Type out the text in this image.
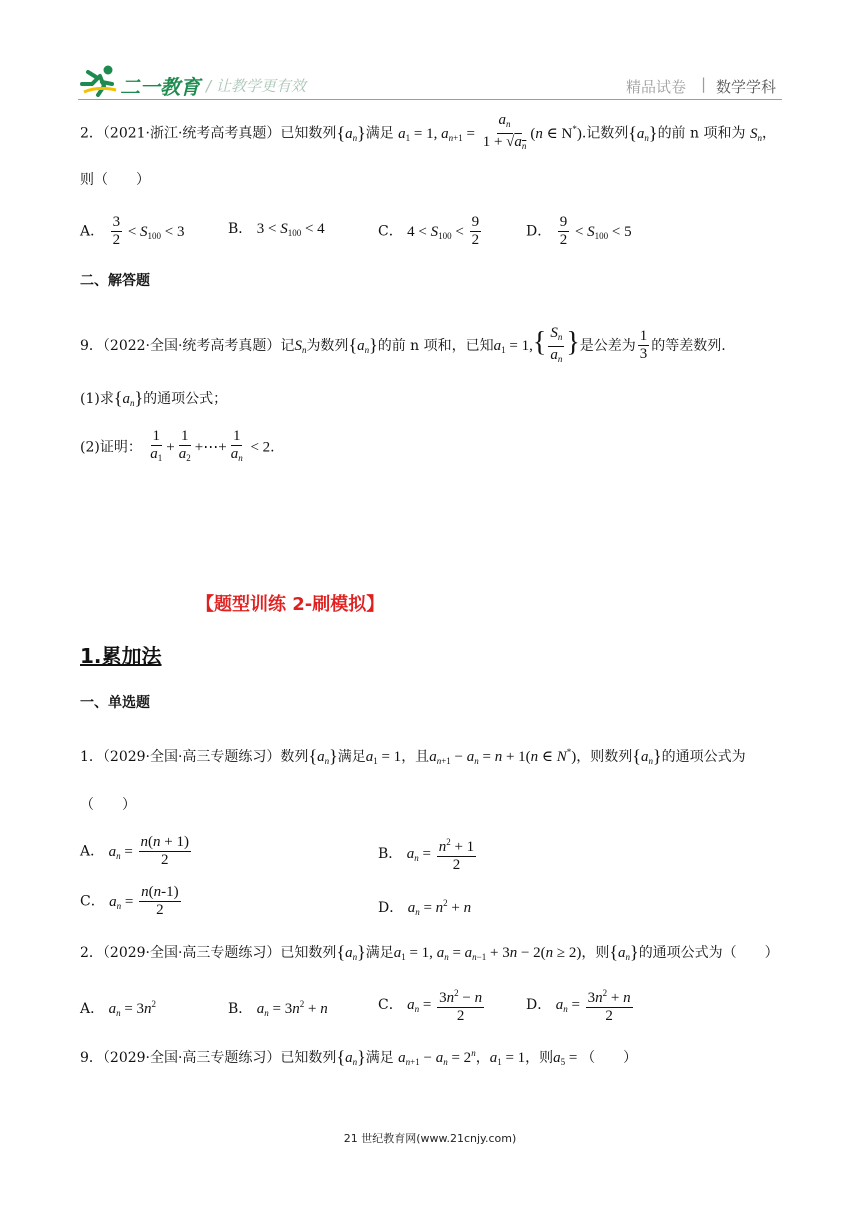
二一教育 / 让教学更有效	精品试卷 | 数学学科
2．（2021·浙江·统考高考真题）已知数列$\{a_n\}$满足 $a_1 = 1$, $a_{n+1} = \frac{a_n}{1 + √a_n} (n$ ∈ N*).记数列$\{a_n\}$的前 n 项和为 $S_n$，
则（　　）
A． $\frac{3}{2} < S_{100} < 3$	B． $3 < S_{100} < 4$	C． $4 < S_{100} < \frac{9}{2}$	D． $\frac{9}{2} < S_{100} < 5$
二、解答题
9．（2022·全国·统考高考真题）记$S_n$为数列$\{a_n\}$的前 n 项和，已知$a_1 = 1,\{ \frac{S_n}{a_n}$ }是公差为 $\frac{1}{3}$ 的等差数列.
(1)求$\{a_n\}$的通项公式；
(2)证明： $\frac{1}{a_1} + \frac{1}{a_2}$ +⋯+ $\frac{1}{a_n} < 2$.
【题型训练 2-刷模拟】
1.累加法
一、单选题
1．（2029·全国·高三专题练习）数列$\{a_n\}$满足$a_1 = 1$，且$a_{n+1} - a_n = n + 1(n$ ∈ N*)，则数列$\{a_n\}$的通项公式为
（　　）
A． $a_n = \frac{n(n + 1)}{2}$	B． $a_n = \frac{n^2 + 1}{2}$
C． $a_n = \frac{n(n-1)}{2}$	D． $a_n = n^2 + n$
2．（2029·全国·高三专题练习）已知数列$\{a_n\}$满足$a_1 = 1$, $a_n = a_{n-1} + 3n - 2(n \ge 2)$，则$\{a_n\}$的通项公式为（　　）
A． $a_n = 3n^2$	B． $a_n = 3n^2 + n$	C． $a_n = \frac{3n^2 - n}{2}$	D． $a_n = \frac{3n^2 + n}{2}$
9．（2029·全国·高三专题练习）已知数列$\{a_n\}$满足 $a_{n+1} - a_n = 2^n$，$a_1 = 1$，则$a_5$ = （　　）
21 世纪教育网(www.21cnjy.com)
